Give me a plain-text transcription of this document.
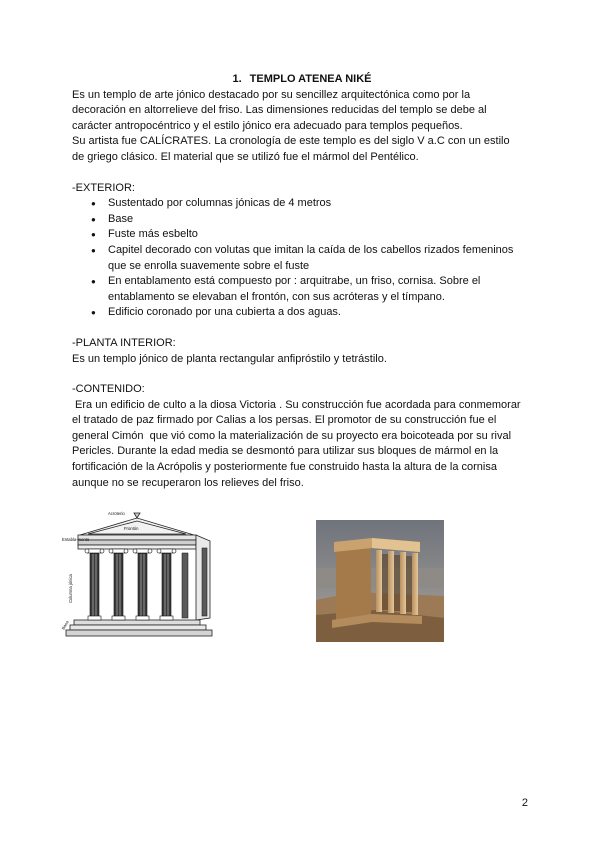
1. TEMPLO ATENEA NIKÉ

Es un templo de arte jónico destacado por su sencillez arquitectónica como por la

decoración en altorrelieve del friso. Las dimensiones reducidas del templo se debe al

carácter antropocéntrico y el estilo jónico era adecuado para templos pequeños.

Su artista fue CALÍCRATES. La cronología de este templo es del siglo V a.C con un estilo

de griego clásico. El material que se utilizó fue el mármol del Pentélico.

-EXTERIOR:

● Sustentado por columnas jónicas de 4 metros
● Base
● Fuste más esbelto
● Capitel decorado con volutas que imitan la caída de los cabellos rizados femeninos que se enrolla suavemente sobre el fuste
● En entablamento está compuesto por : arquitrabe, un friso, cornisa. Sobre el entablamento se elevaban el frontón, con sus acróteras y el tímpano.
● Edificio coronado por una cubierta a dos aguas.

-PLANTA INTERIOR:

Es un templo jónico de planta rectangular anfipróstilo y tetrástilo.

-CONTENIDO:

Era un edificio de culto a la diosa Victoria . Su construcción fue acordada para conmemorar

el tratado de paz firmado por Calias a los persas. El promotor de su construcción fue el

general Cimón  que vió como la materialización de su proyecto era boicoteada por su rival

Pericles. Durante la edad media se desmontó para utilizar sus bloques de mármol en la

fortificación de la Acrópolis y posteriormente fue construido hasta la altura de la cornisa

aunque no se recuperaron los relieves del friso.

Acroterio
Frontón
Entabla-mento
Columna jónica
Basa
2
